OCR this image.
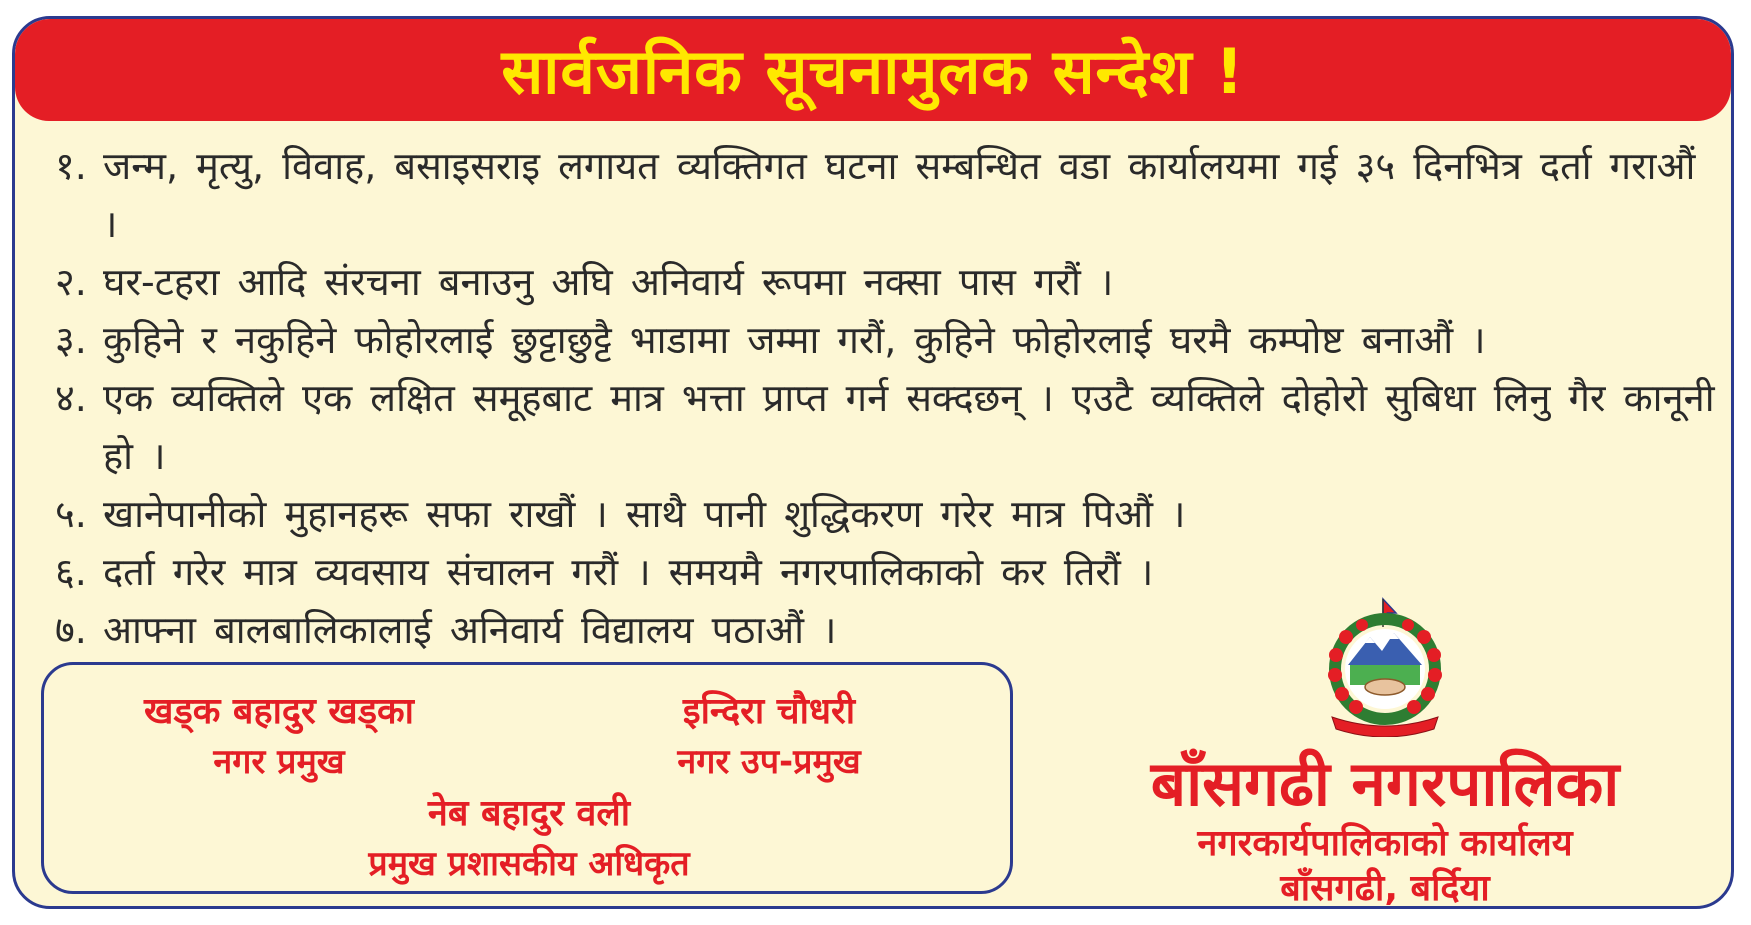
सार्वजनिक सूचनामुलक सन्देश !
१. जन्म, मृत्यु, विवाह, बसाइसराइ लगायत व्यक्तिगत घटना सम्बन्धित वडा कार्यालयमा गई ३५ दिनभित्र दर्ता गराऔं ।
२. घर-टहरा आदि संरचना बनाउनु अघि अनिवार्य रूपमा नक्सा पास गरौं ।
३. कुहिने र नकुहिने फोहोरलाई छुट्टाछुट्टै भाडामा जम्मा गरौं, कुहिने फोहोरलाई घरमै कम्पोष्ट बनाऔं ।
४. एक व्यक्तिले एक लक्षित समूहबाट मात्र भत्ता प्राप्त गर्न सक्दछन् । एउटै व्यक्तिले दोहोरो सुबिधा लिनु गैर कानूनी हो ।
५. खानेपानीको मुहानहरू सफा राखौं । साथै पानी शुद्धिकरण गरेर मात्र पिऔं ।
६. दर्ता गरेर मात्र व्यवसाय संचालन गरौं । समयमै नगरपालिकाको कर तिरौं ।
७. आफ्ना बालबालिकालाई अनिवार्य विद्यालय पठाऔं ।
खड्क बहादुर खड्का
नगर प्रमुख
इन्दिरा चौधरी
नगर उप-प्रमुख
नेब बहादुर वली
प्रमुख प्रशासकीय अधिकृत
बाँसगढी नगरपालिका
नगरकार्यपालिकाको कार्यालय
बाँसगढी, बर्दिया
